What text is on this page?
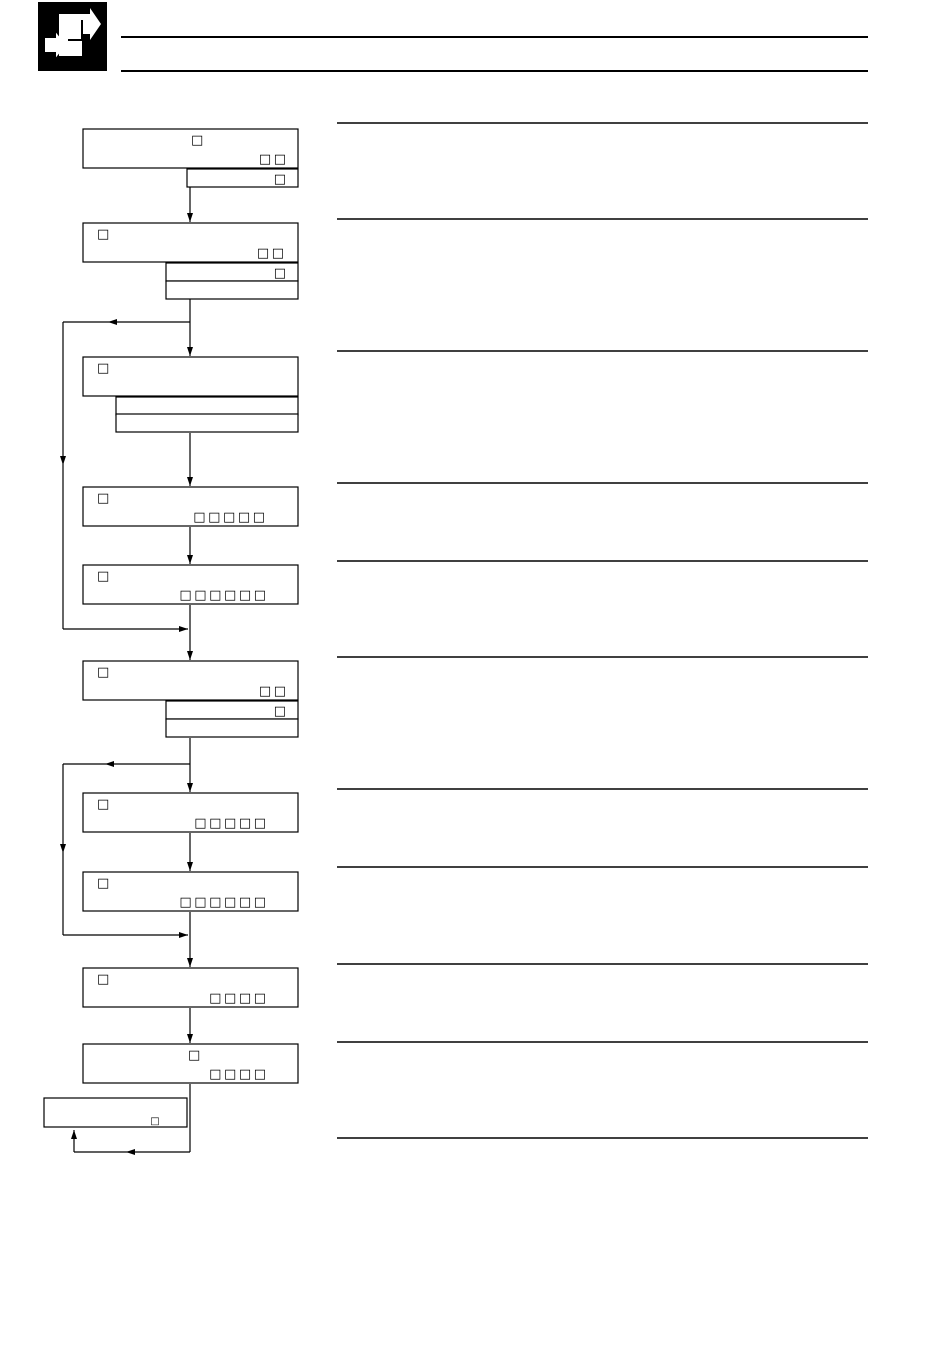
□
□ □
□
□
□ □
□
□
□
□ □ □ □ □
□
□ □ □ □ □ □
□
□ □
□
□
□ □ □ □ □
□
□ □ □ □ □ □
□
□ □ □ □
□
□ □ □ □
□
